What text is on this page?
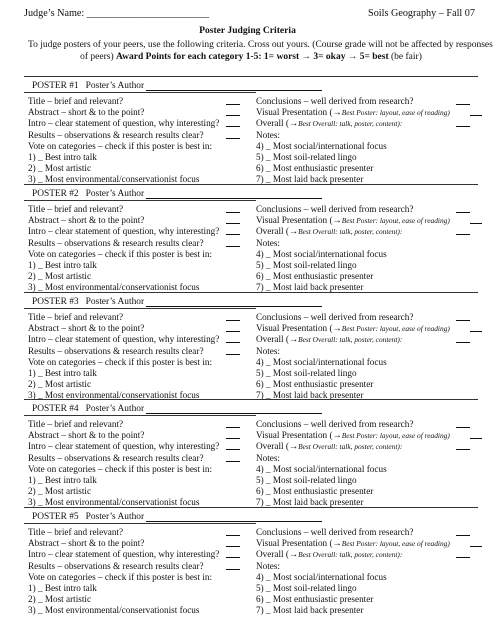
Judge’s Name: ________________________	Soils Geography – Fall 07
Poster Judging Criteria
To judge posters of your peers, use the following criteria. Cross out yours. (Course grade will not be affected by responses
of peers) Award Points for each category 1-5: 1= worst → 3= okay → 5= best (be fair)
POSTER #1 Poster’s Author
Title – brief and relevant?
Abstract – short & to the point?
Intro – clear statement of question, why interesting?
Results – observations & research results clear?
Vote on categories – check if this poster is best in:
1) _ Best intro talk
2) _ Most artistic
3) _ Most environmental/conservationist focus
Conclusions – well derived from research?
Visual Presentation (→Best Poster: layout, ease of reading)
Overall (→Best Overall: talk, poster, content):
Notes:
4) _ Most social/international focus
5) _ Most soil-related lingo
6) _ Most enthusiastic presenter
7) _ Most laid back presenter
POSTER #2 Poster’s Author
Title – brief and relevant?
Abstract – short & to the point?
Intro – clear statement of question, why interesting?
Results – observations & research results clear?
Vote on categories – check if this poster is best in:
1) _ Best intro talk
2) _ Most artistic
3) _ Most environmental/conservationist focus
Conclusions – well derived from research?
Visual Presentation (→Best Poster: layout, ease of reading)
Overall (→Best Overall: talk, poster, content):
Notes:
4) _ Most social/international focus
5) _ Most soil-related lingo
6) _ Most enthusiastic presenter
7) _ Most laid back presenter
POSTER #3 Poster’s Author
Title – brief and relevant?
Abstract – short & to the point?
Intro – clear statement of question, why interesting?
Results – observations & research results clear?
Vote on categories – check if this poster is best in:
1) _ Best intro talk
2) _ Most artistic
3) _ Most environmental/conservationist focus
Conclusions – well derived from research?
Visual Presentation (→Best Poster: layout, ease of reading)
Overall (→Best Overall: talk, poster, content):
Notes:
4) _ Most social/international focus
5) _ Most soil-related lingo
6) _ Most enthusiastic presenter
7) _ Most laid back presenter
POSTER #4 Poster’s Author
Title – brief and relevant?
Abstract – short & to the point?
Intro – clear statement of question, why interesting?
Results – observations & research results clear?
Vote on categories – check if this poster is best in:
1) _ Best intro talk
2) _ Most artistic
3) _ Most environmental/conservationist focus
Conclusions – well derived from research?
Visual Presentation (→Best Poster: layout, ease of reading)
Overall (→Best Overall: talk, poster, content):
Notes:
4) _ Most social/international focus
5) _ Most soil-related lingo
6) _ Most enthusiastic presenter
7) _ Most laid back presenter
POSTER #5 Poster’s Author
Title – brief and relevant?
Abstract – short & to the point?
Intro – clear statement of question, why interesting?
Results – observations & research results clear?
Vote on categories – check if this poster is best in:
1) _ Best intro talk
2) _ Most artistic
3) _ Most environmental/conservationist focus
Conclusions – well derived from research?
Visual Presentation (→Best Poster: layout, ease of reading)
Overall (→Best Overall: talk, poster, content):
Notes:
4) _ Most social/international focus
5) _ Most soil-related lingo
6) _ Most enthusiastic presenter
7) _ Most laid back presenter
